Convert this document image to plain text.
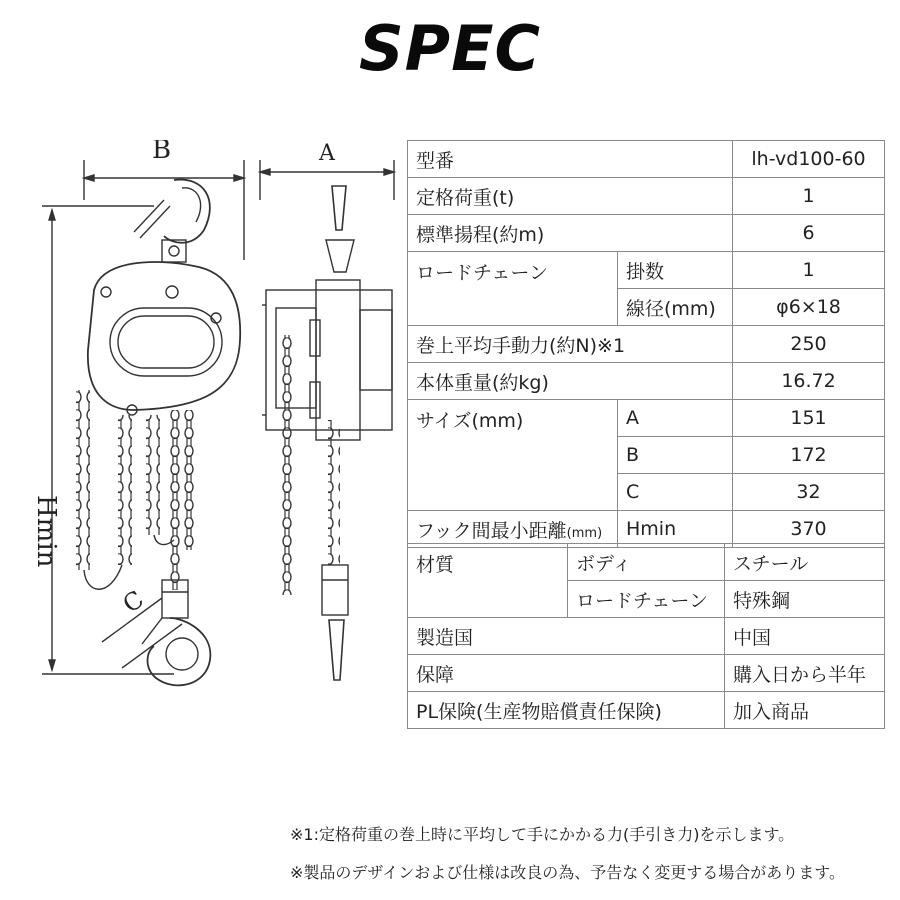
SPEC
B	A
C
Hmin
型番		lh-vd100-60
定格荷重(t)		1
標準揚程(約m)		6
ロードチェーン	掛数	1
	線径(mm)	φ6×18
巻上平均手動力(約N)※1		250
本体重量(約kg)		16.72
サイズ(mm)	A	151
	B	172
	C	32
フック間最小距離(mm)	Hmin	370
材質	ボディ	スチール
	ロードチェーン	特殊鋼
製造国		中国
保障		購入日から半年
PL保険(生産物賠償責任保険)		加入商品
※1:定格荷重の巻上時に平均して手にかかる力(手引き力)を示します。
※製品のデザインおよび仕様は改良の為、予告なく変更する場合があります。
